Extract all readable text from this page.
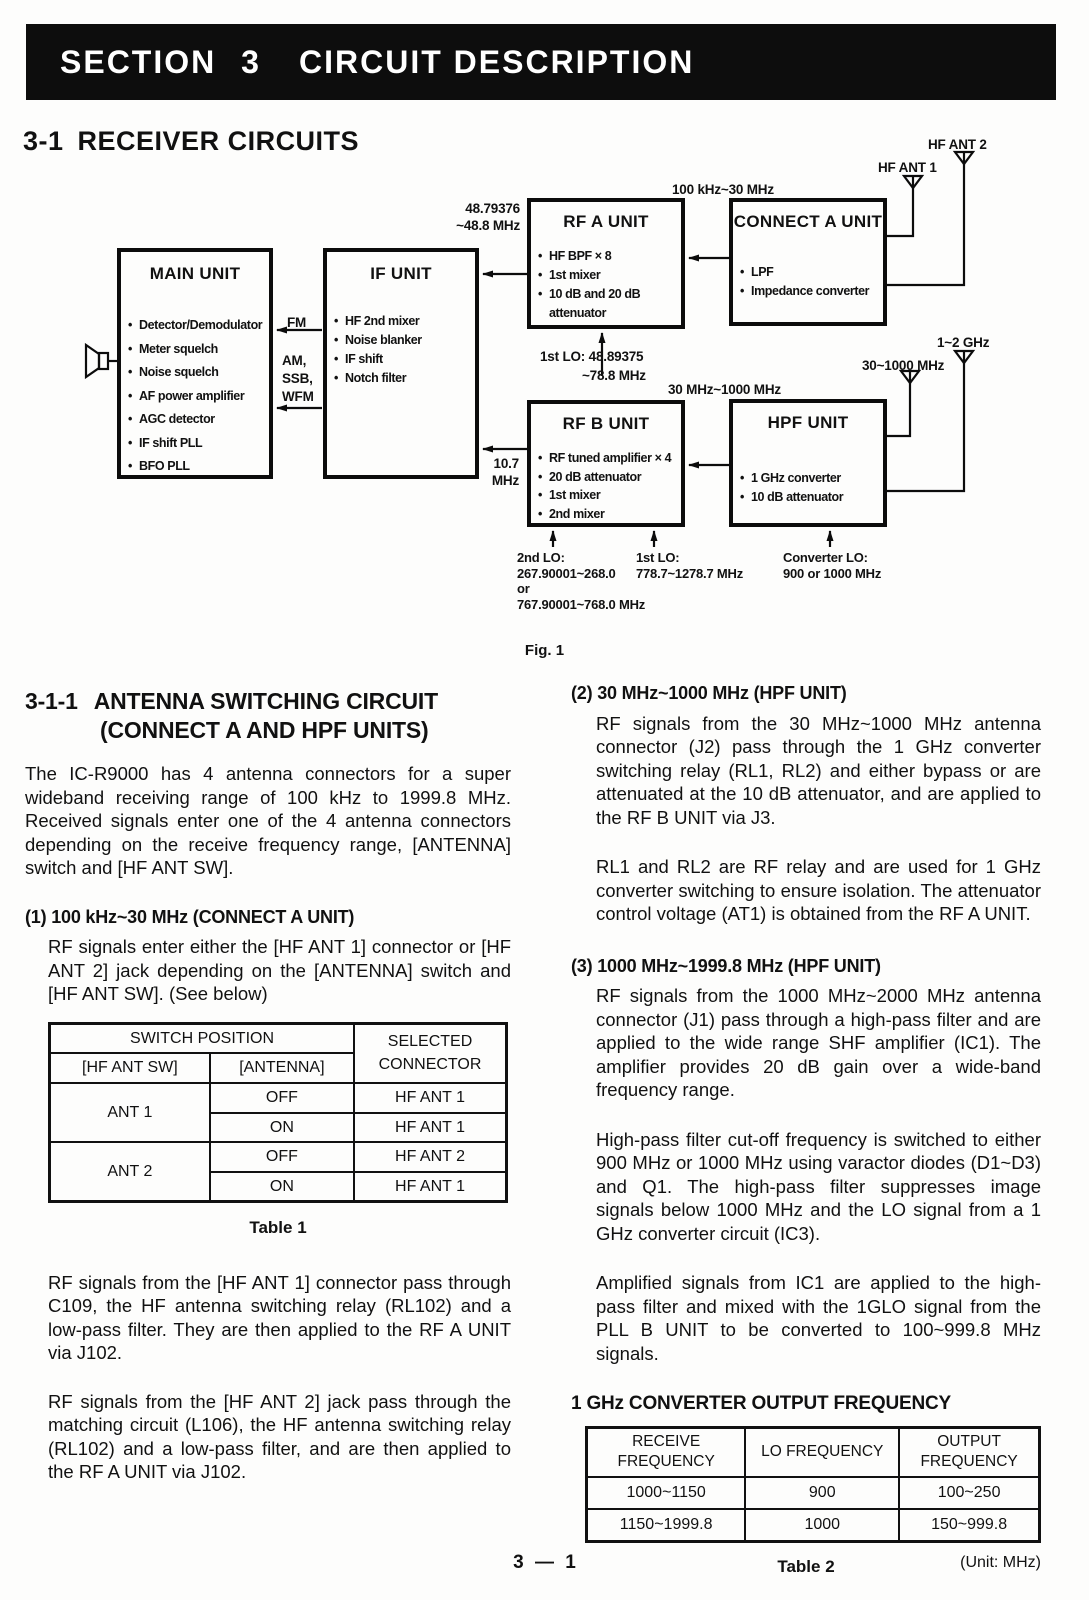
SECTION 3 CIRCUIT DESCRIPTION
3-1 RECEIVER CIRCUITS
MAIN UNIT
• Detector/Demodulator
• Meter squelch
• Noise squelch
• AF power amplifier
• AGC detector
• IF shift PLL
• BFO PLL
IF UNIT
• HF 2nd mixer
• Noise blanker
• IF shift
• Notch filter
RF A UNIT
• HF BPF × 8
• 1st mixer
• 10 dB and 20 dB attenuator
CONNECT A UNIT
• LPF
• Impedance converter
RF B UNIT
• RF tuned amplifier × 4
• 20 dB attenuator
• 1st mixer
• 2nd mixer
HPF UNIT
• 1 GHz converter
• 10 dB attenuator
48.79376
~48.8 MHz
100 kHz~30 MHz
HF ANT 1
HF ANT 2
1st LO: 48.89375
~78.8 MHz
FM
AM,
SSB,
WFM	30 MHz~1000 MHz
30~1000 MHz
1~2 GHz
10.7
MHz
2nd LO:
267.90001~268.0
or
767.90001~768.0 MHz
1st LO:
778.7~1278.7 MHz
Converter LO:
900 or 1000 MHz
Fig. 1
3-1-1 ANTENNA SWITCHING CIRCUIT
(CONNECT A AND HPF UNITS)

The IC-R9000 has 4 antenna connectors for a super wideband receiving range of 100 kHz to 1999.8 MHz. Received signals enter one of the 4 antenna connectors depending on the receive frequency range, [ANTENNA] switch and [HF ANT SW].

(1) 100 kHz~30 MHz (CONNECT A UNIT)

RF signals enter either the [HF ANT 1] connector or [HF ANT 2] jack depending on the [ANTENNA] switch and [HF ANT SW]. (See below)

SWITCH POSITION		SELECTED CONNECTOR
[HF ANT SW]	[ANTENNA]	
ANT 1	OFF	HF ANT 1
	ON	HF ANT 1
ANT 2	OFF	HF ANT 2
	ON	HF ANT 1
Table 1

RF signals from the [HF ANT 1] connector pass through C109, the HF antenna switching relay (RL102) and a low-pass filter. They are then applied to the RF A UNIT via J102.

RF signals from the [HF ANT 2] jack pass through the matching circuit (L106), the HF antenna switching relay (RL102) and a low-pass filter, and are then applied to the RF A UNIT via J102.

(2) 30 MHz~1000 MHz (HPF UNIT)

RF signals from the 30 MHz~1000 MHz antenna connector (J2) pass through the 1 GHz converter switching relay (RL1, RL2) and either bypass or are attenuated at the 10 dB attenuator, and are applied to the RF B UNIT via J3.

RL1 and RL2 are RF relay and are used for 1 GHz converter switching to ensure isolation. The attenuator control voltage (AT1) is obtained from the RF A UNIT.

(3) 1000 MHz~1999.8 MHz (HPF UNIT)

RF signals from the 1000 MHz~2000 MHz antenna connector (J1) pass through a high-pass filter and are applied to the wide range SHF amplifier (IC1). The amplifier provides 20 dB gain over a wide-band frequency range.

High-pass filter cut-off frequency is switched to either 900 MHz or 1000 MHz using varactor diodes (D1~D3) and Q1. The high-pass filter suppresses image signals below 1000 MHz and the LO signal from a 1 GHz converter circuit (IC3).

Amplified signals from IC1 are applied to the high-pass filter and mixed with the 1GLO signal from the PLL B UNIT to be converted to 100~999.8 MHz signals.

1 GHz CONVERTER OUTPUT FREQUENCY
RECEIVE FREQUENCY	LO FREQUENCY	OUTPUT FREQUENCY
1000~1150	900	100~250
1150~1999.8	1000	150~999.8
Table 2	(Unit: MHz)
3 — 1
